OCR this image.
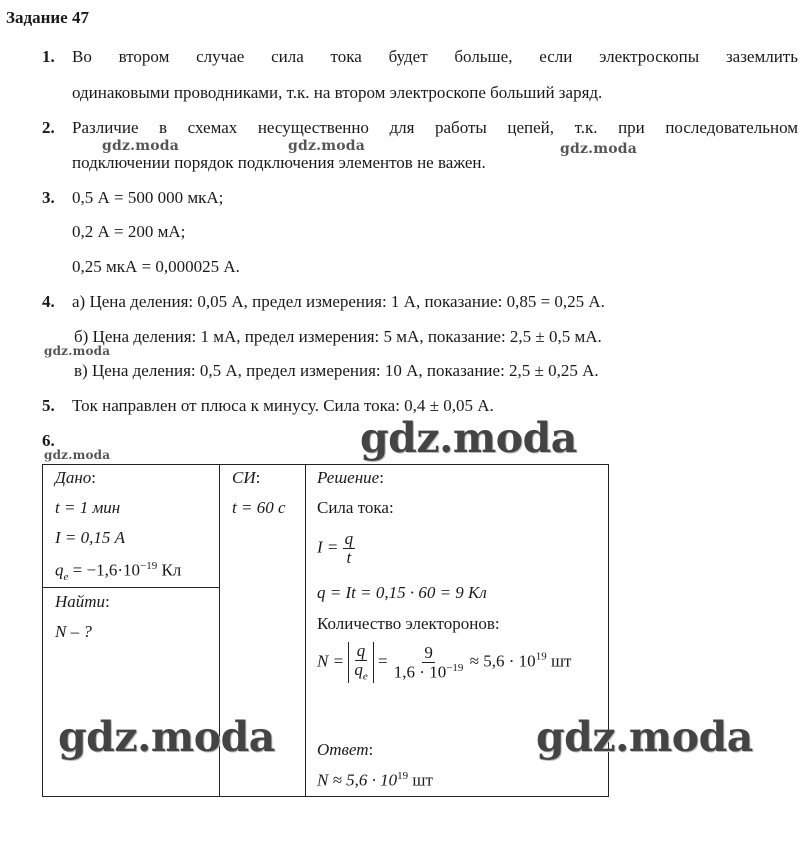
Задание 47
1. Во втором случае сила тока будет больше, если электроскопы заземлить
одинаковыми проводниками, т.к. на втором электроскопе больший заряд.
2. Различие в схемах несущественно для работы цепей, т.к. при последовательном
подключении порядок подключения элементов не важен.
gdz.moda	gdz.moda	gdz.moda
3. 0,5 А = 500 000 мкА;
0,2 А = 200 мА;
0,25 мкА = 0,000025 А.
4. а) Цена деления: 0,05 А, предел измерения: 1 А, показание: 0,85 = 0,25 А.
б) Цена деления: 1 мА, предел измерения: 5 мА, показание: 2,5 ± 0,5 мА.
в) Цена деления: 0,5 А, предел измерения: 10 А, показание: 2,5 ± 0,25 А.
gdz.moda
5. Ток направлен от плюса к минусу. Сила тока: 0,4 ± 0,05 А.
6.
gdz.moda	gdz.moda
Дано:
t = 1 мин
I = 0,15 А
$q_e = -1,6\cdot 10^{-19}$ Кл
Найти:
N – ?
СИ:
t = 60 с
Решение:
Сила тока:
$I = \frac{q}{t}$
q = It = 0,15 · 60 = 9 Кл
Количество электоронов:
$N = \frac{q}{q_e} = \frac{9}{1,6 \cdot 10^{-19}} \approx 5,6 \cdot 10^{19}$ шт
Ответ:
$N \approx 5,6 \cdot 10^{19}$ шт
gdz.moda	gdz.moda
